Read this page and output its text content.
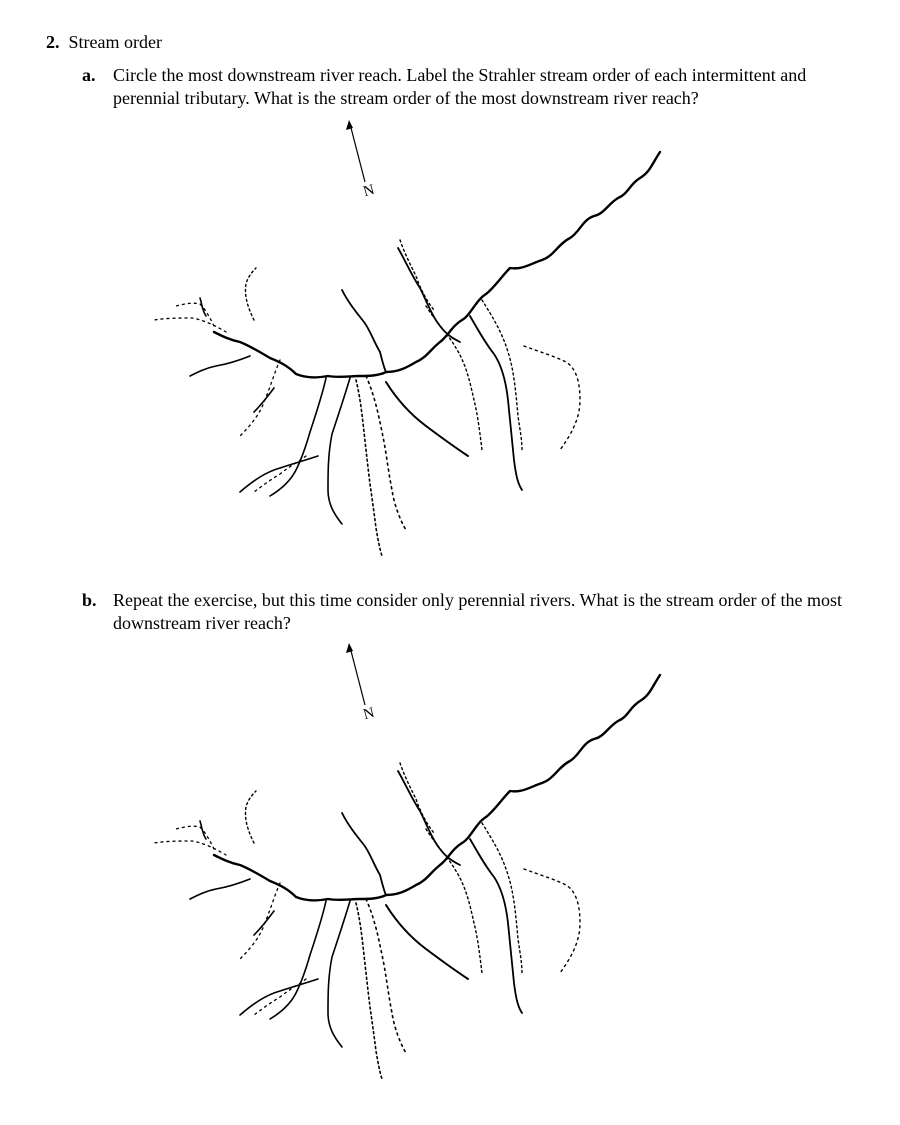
2. Stream order
a. Circle the most downstream river reach. Label the Strahler stream order of each intermittent and perennial tributary. What is the stream order of the most downstream river reach?
N
b. Repeat the exercise, but this time consider only perennial rivers. What is the stream order of the most downstream river reach?
N
